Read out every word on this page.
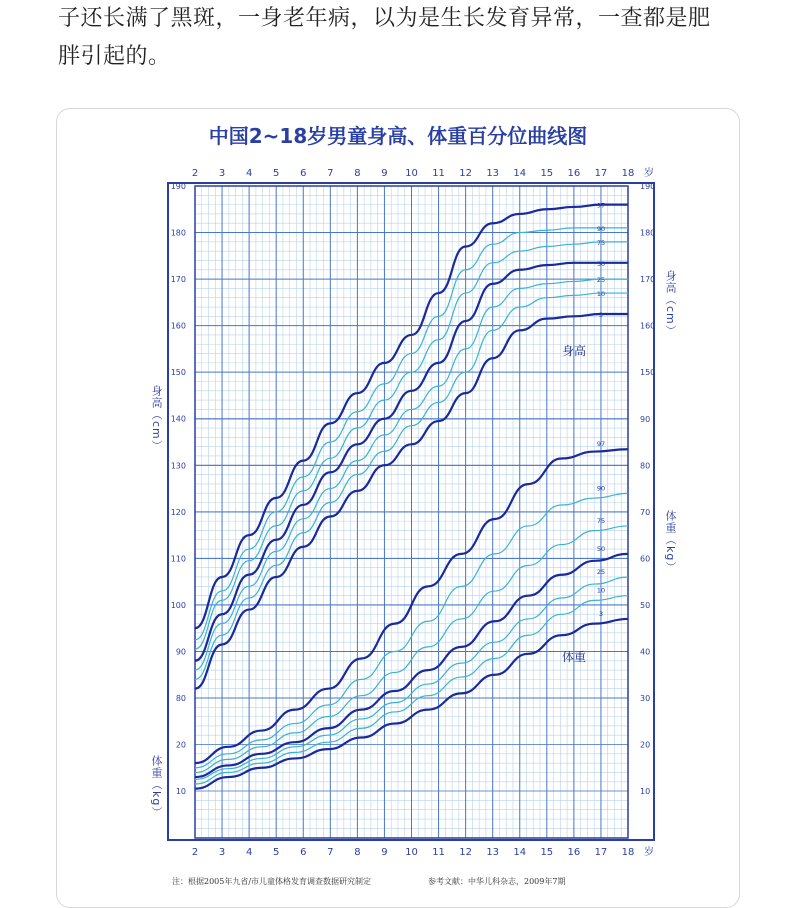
子还长满了黑斑，一身老年病，以为是生长发育异常，一查都是肥

胖引起的。

中国2~18岁男童身高、体重百分位曲线图
2
2
3
3
4
4
5
5
6
6
7
7
8
8
9
9
10
10
11
11
12
12
13
13
14
14
15
15
16
16
17
17
18
18
岁
岁
80
90
100
110
120
130
140
150	150
160	160
170	170
180	180
190	190
10	10
20	20
30
40
50
60
70
80
90
97
90
75
50
25
10
3
97
90
75
50
25
10
3
身高（cm）
身高（cm）
体重（kg）
体重（kg）
身高
体重
注：根据2005年九省/市儿童体格发育调查数据研究制定	参考文献：中华儿科杂志，2009年7期
